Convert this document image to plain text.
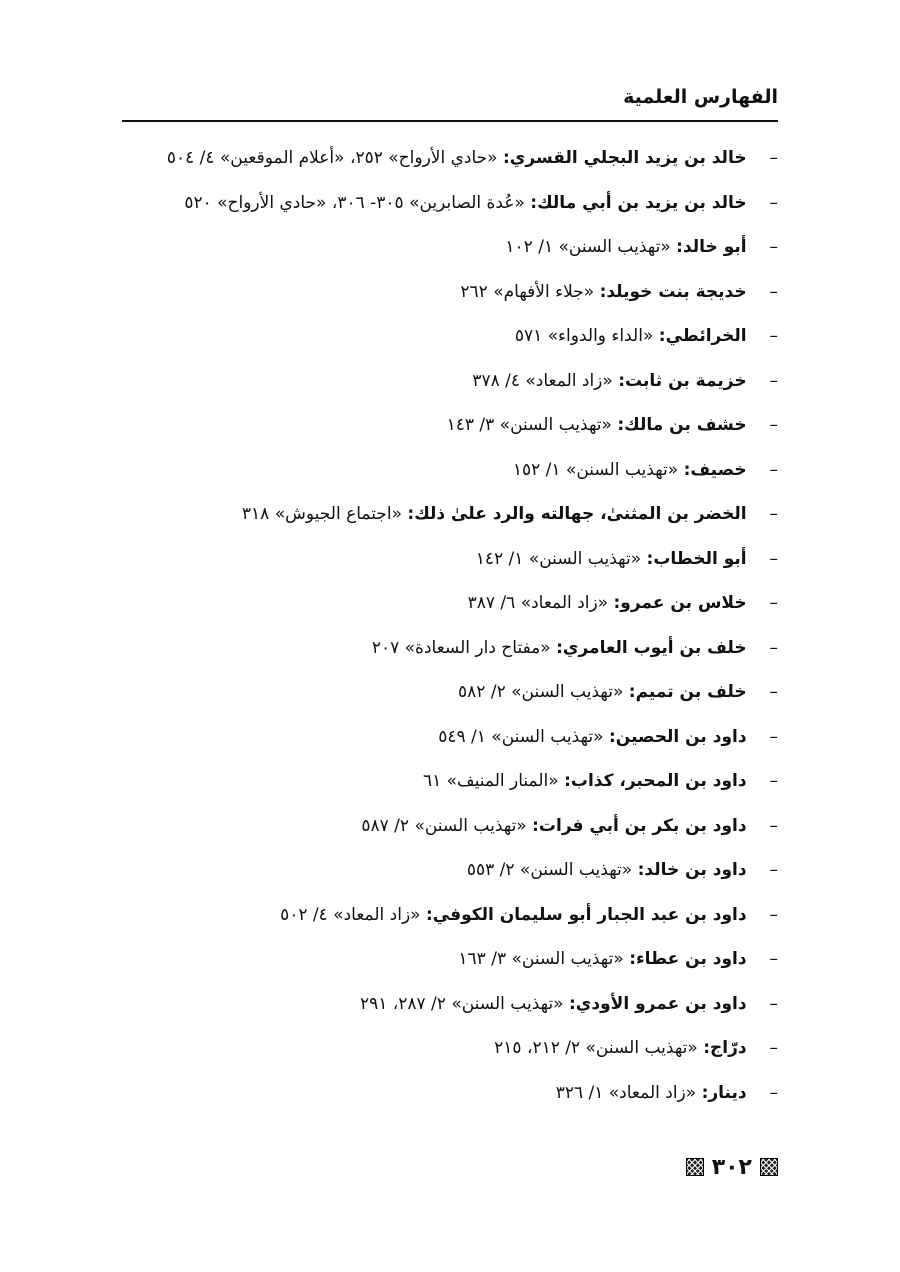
الفهارس العلمية
– خالد بن يزيد البجلي القسري: «حادي الأرواح» ٢٥٢، «أعلام الموقعين» ٤/ ٥٠٤
– خالد بن يزيد بن أبي مالك: «عُدة الصابرين» ٣٠٥- ٣٠٦، «حادي الأرواح» ٥٢٠
– أبو خالد: «تهذيب السنن» ١/ ١٠٢
– خديجة بنت خويلد: «جلاء الأفهام» ٢٦٢
– الخرائطي: «الداء والدواء» ٥٧١
– خزيمة بن ثابت: «زاد المعاد» ٤/ ٣٧٨
– خشف بن مالك: «تهذيب السنن» ٣/ ١٤٣
– خصيف: «تهذيب السنن» ١/ ١٥٢
– الخضر بن المثنىٰ، جهالته والرد علىٰ ذلك: «اجتماع الجيوش» ٣١٨
– أبو الخطاب: «تهذيب السنن» ١/ ١٤٢
– خلاس بن عمرو: «زاد المعاد» ٦/ ٣٨٧
– خلف بن أيوب العامري: «مفتاح دار السعادة» ٢٠٧
– خلف بن تميم: «تهذيب السنن» ٢/ ٥٨٢
– داود بن الحصين: «تهذيب السنن» ١/ ٥٤٩
– داود بن المحبر، كذاب: «المنار المنيف» ٦١
– داود بن بكر بن أبي فرات: «تهذيب السنن» ٢/ ٥٨٧
– داود بن خالد: «تهذيب السنن» ٢/ ٥٥٣
– داود بن عبد الجبار أبو سليمان الكوفي: «زاد المعاد» ٤/ ٥٠٢
– داود بن عطاء: «تهذيب السنن» ٣/ ١٦٣
– داود بن عمرو الأودي: «تهذيب السنن» ٢/ ٢٨٧، ٢٩١
– درّاج: «تهذيب السنن» ٢/ ٢١٢، ٢١٥
– دينار: «زاد المعاد» ١/ ٣٢٦
٣٠٢
